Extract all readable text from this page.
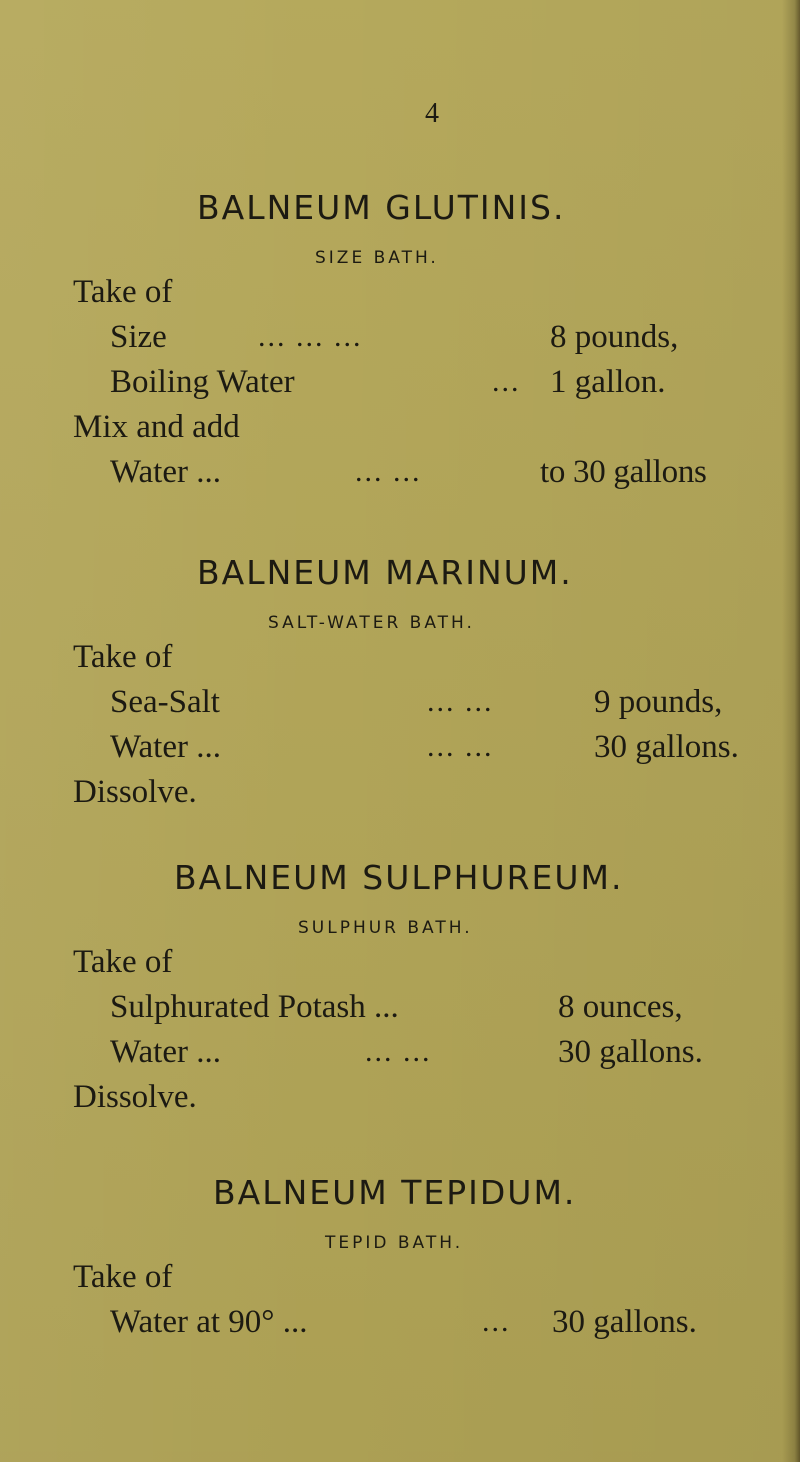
4
BALNEUM GLUTINIS.
SIZE BATH.
Take of
Size	... ... ...	8 pounds,
Boiling Water	... 1 gallon.
Mix and add
Water ...	... ...	to 30 gallons
BALNEUM MARINUM.
SALT-WATER BATH.
Take of
Sea-Salt	... ...	9 pounds,
Water ...	... ...	30 gallons.
Dissolve.
BALNEUM SULPHUREUM.
SULPHUR BATH.
Take of
Sulphurated Potash ...	8 ounces,
Water ...	... ...	30 gallons.
Dissolve.
BALNEUM TEPIDUM.
TEPID BATH.
Take of
Water at 90° ...	... 30 gallons.
